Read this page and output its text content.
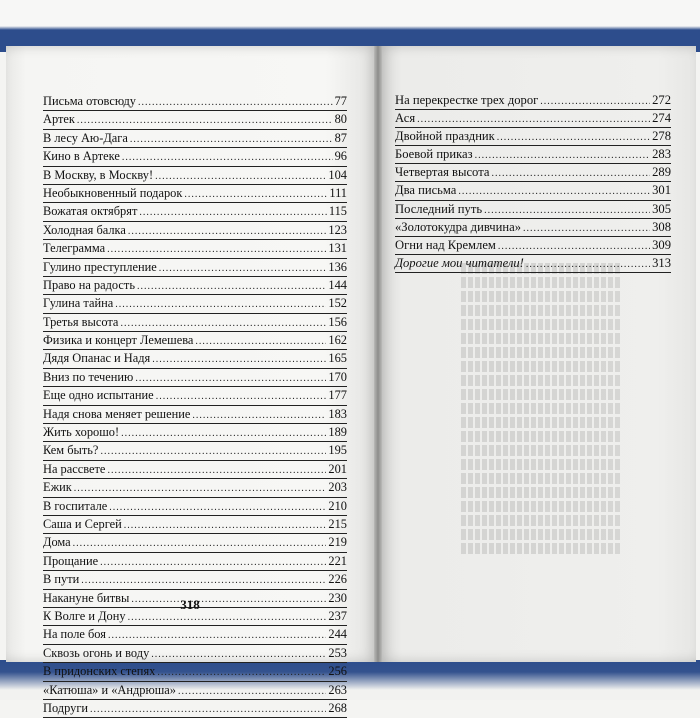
Письма отовсюду .....	77
Артек .....	80
В лесу Аю-Дага .....	87
Кино в Артеке .....	96
В Москву, в Москву! .....	104
Необыкновенный подарок .....	111
Вожатая октябрят .....	115
Холодная балка .....	123
Телеграмма .....	131
Гулино преступление .....	136
Право на радость .....	144
Гулина тайна .....	152
Третья высота .....	156
Физика и концерт Лемешева .....	162
Дядя Опанас и Надя .....	165
Вниз по течению .....	170
Еще одно испытание .....	177
Надя снова меняет решение .....	183
Жить хорошо! .....	189
Кем быть? .....	195
На рассвете .....	201
Ежик .....	203
В госпитале .....	210
Саша и Сергей .....	215
Дома .....	219
Прощание .....	221
В пути .....	226
Накануне битвы .....	230
К Волге и Дону .....	237
На поле боя .....	244
Сквозь огонь и воду .....	253
В придонских степях .....	256
«Катюша» и «Андрюша» .....	263
Подруги .....	268
318
На перекрестке трех дорог .....	272
Ася .....	274
Двойной праздник .....	278
Боевой приказ .....	283
Четвертая высота .....	289
Два письма .....	301
Последний путь .....	305
«Золотокудра дивчина» .....	308
Огни над Кремлем .....	309
Дорогие мои читатели! .....	313
